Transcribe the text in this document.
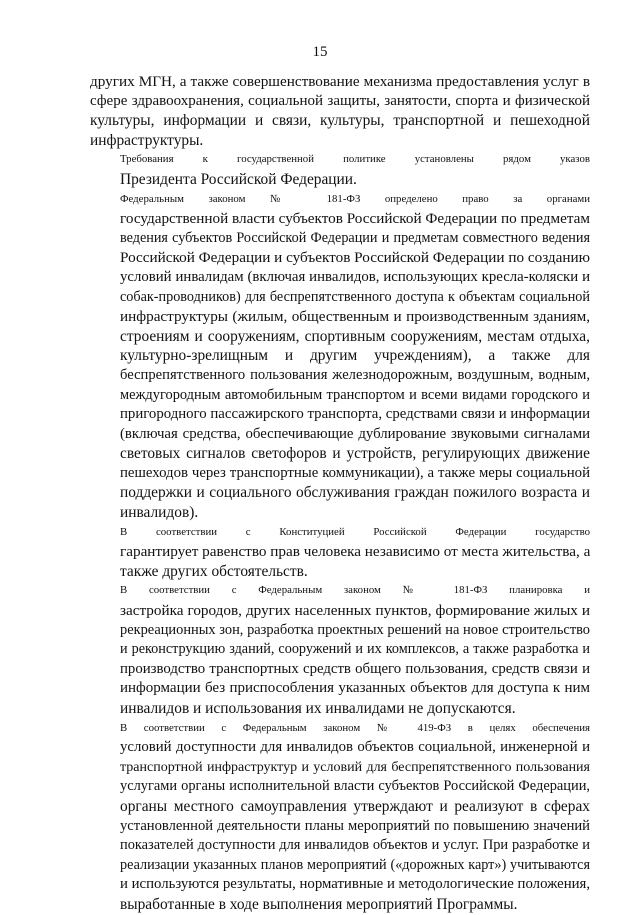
15

других МГН, а также совершенствование механизма предоставления услуг в
сфере здравоохранения, социальной защиты, занятости, спорта и физической
культуры, информации и связи, культуры, транспортной и пешеходной
инфраструктуры.

Требования к государственной политике установлены рядом указов
Президента Российской Федерации.

Федеральным законом № 181-ФЗ определено право за органами
государственной власти субъектов Российской Федерации по предметам
ведения субъектов Российской Федерации и предметам совместного ведения
Российской Федерации и субъектов Российской Федерации по созданию
условий инвалидам (включая инвалидов, использующих кресла-коляски и
собак-проводников) для беспрепятственного доступа к объектам социальной
инфраструктуры (жилым, общественным и производственным зданиям,
строениям и сооружениям, спортивным сооружениям, местам отдыха,
культурно-зрелищным и другим учреждениям), а также для
беспрепятственного пользования железнодорожным, воздушным, водным,
междугородным автомобильным транспортом и всеми видами городского и
пригородного пассажирского транспорта, средствами связи и информации
(включая средства, обеспечивающие дублирование звуковыми сигналами
световых сигналов светофоров и устройств, регулирующих движение
пешеходов через транспортные коммуникации), а также меры социальной
поддержки и социального обслуживания граждан пожилого возраста и
инвалидов).

В соответствии с Конституцией Российской Федерации государство
гарантирует равенство прав человека независимо от места жительства, а
также других обстоятельств.

В соответствии с Федеральным законом № 181-ФЗ планировка и
застройка городов, других населенных пунктов, формирование жилых и
рекреационных зон, разработка проектных решений на новое строительство
и реконструкцию зданий, сооружений и их комплексов, а также разработка и
производство транспортных средств общего пользования, средств связи и
информации без приспособления указанных объектов для доступа к ним
инвалидов и использования их инвалидами не допускаются.

В соответствии с Федеральным законом № 419-ФЗ в целях обеспечения
условий доступности для инвалидов объектов социальной, инженерной и
транспортной инфраструктур и условий для беспрепятственного пользования
услугами органы исполнительной власти субъектов Российской Федерации,
органы местного самоуправления утверждают и реализуют в сферах
установленной деятельности планы мероприятий по повышению значений
показателей доступности для инвалидов объектов и услуг. При разработке и
реализации указанных планов мероприятий («дорожных карт») учитываются
и используются результаты, нормативные и методологические положения,
выработанные в ходе выполнения мероприятий Программы.
